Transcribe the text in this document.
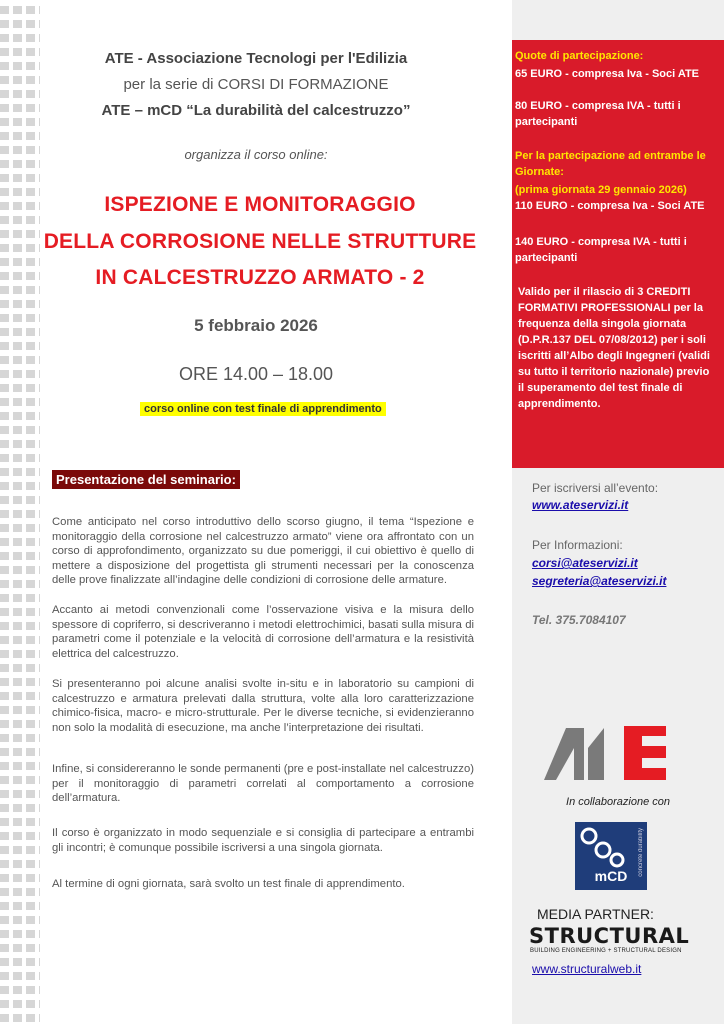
ATE - Associazione Tecnologi per l'Edilizia
per la serie di CORSI DI FORMAZIONE
ATE – mCD “La durabilità del calcestruzzo”
organizza il corso online:
ISPEZIONE E MONITORAGGIO
DELLA CORROSIONE NELLE STRUTTURE
IN CALCESTRUZZO ARMATO - 2
5 febbraio 2026
ORE 14.00 – 18.00
corso online con test finale di apprendimento
Presentazione del seminario:
Come anticipato nel corso introduttivo dello scorso giugno, il tema “Ispezione e monitoraggio della corrosione nel calcestruzzo armato” viene ora affrontato con un corso di approfondimento, organizzato su due pomeriggi, il cui obiettivo è quello di mettere a disposizione del progettista gli strumenti necessari per la conoscenza delle prove finalizzate all’indagine delle condizioni di corrosione delle armature.
Accanto ai metodi convenzionali come l’osservazione visiva e la misura dello spessore di copriferro, si descriveranno i metodi elettrochimici, basati sulla misura di parametri come il potenziale e la velocità di corrosione dell’armatura e la resistività elettrica del calcestruzzo.
Si presenteranno poi alcune analisi svolte in-situ e in laboratorio su campioni di calcestruzzo e armatura prelevati dalla struttura, volte alla loro caratterizzazione chimico-fisica, macro- e micro-strutturale. Per le diverse tecniche, si evidenzieranno non solo la modalità di esecuzione, ma anche l’interpretazione dei risultati.
Infine, si considereranno le sonde permanenti (pre e post-installate nel calcestruzzo) per il monitoraggio di parametri correlati al comportamento a corrosione dell’armatura.
Il corso è organizzato in modo sequenziale e si consiglia di partecipare a entrambi gli incontri; è comunque possibile iscriversi a una singola giornata.
Al termine di ogni giornata, sarà svolto un test finale di apprendimento.
Quote di partecipazione:
65 EURO - compresa Iva - Soci ATE
80 EURO - compresa IVA - tutti i partecipanti
Per la partecipazione ad entrambe le Giornate:
(prima giornata 29 gennaio 2026)
110 EURO - compresa Iva - Soci ATE
140 EURO - compresa IVA - tutti i partecipanti
Valido per il rilascio di 3 CREDITI FORMATIVI PROFESSIONALI per la frequenza della singola giornata (D.P.R.137 DEL 07/08/2012) per i soli iscritti all’Albo degli Ingegneri (validi su tutto il territorio nazionale) previo il superamento del test finale di apprendimento.
Per iscriversi all’evento:
www.ateservizi.it
Per Informazioni:
corsi@ateservizi.it
segreteria@ateservizi.it
Tel. 375.7084107
In collaborazione con
concrete durability
mCD
MEDIA PARTNER:
STRUCTURAL
BUILDING ENGINEERING + STRUCTURAL DESIGN
www.structuralweb.it
